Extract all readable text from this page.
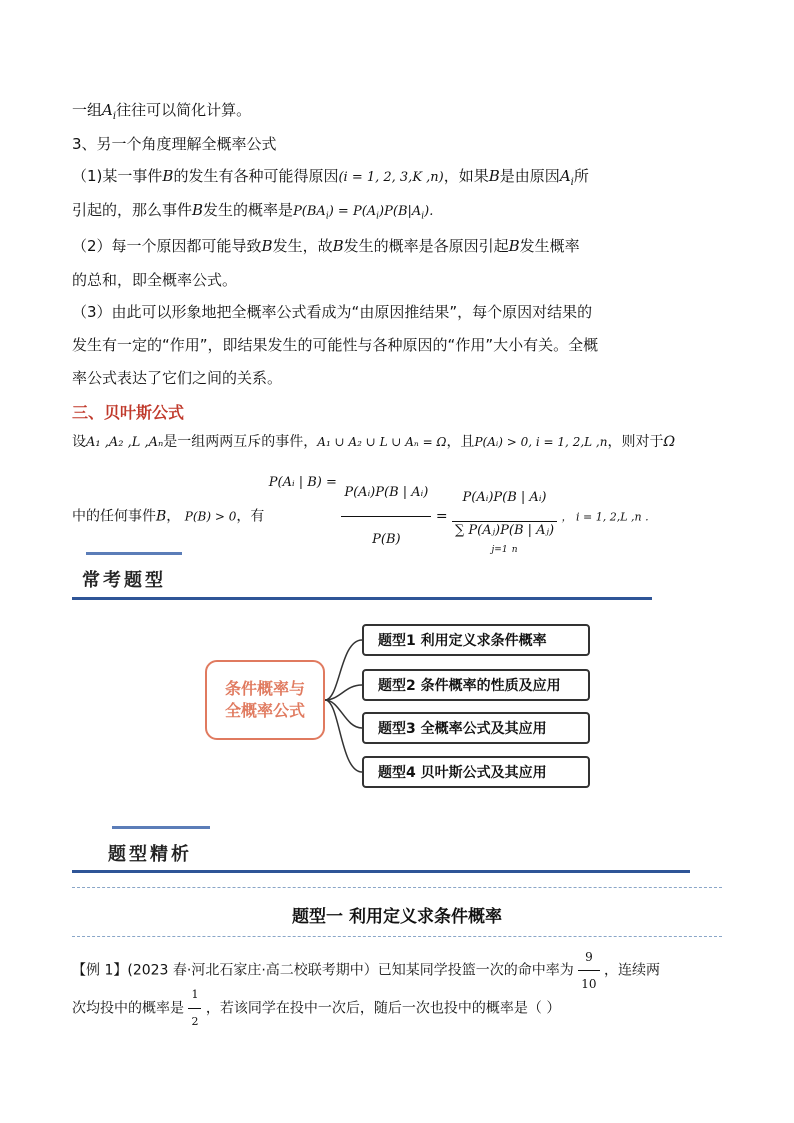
一组$A_i$往往可以简化计算。
3、另一个角度理解全概率公式
（1)某一事件B的发生有各种可能得原因(i = 1, 2, 3,K ,n)，如果B是由原因$A_i$所
引起的，那么事件B发生的概率是$P(BA_i) = P(A_i)P(B|A_i)$.
（2）每一个原因都可能导致B发生，故B发生的概率是各原因引起B发生概率
的总和，即全概率公式。
（3）由此可以形象地把全概率公式看成为“由原因推结果”，每个原因对结果的
发生有一定的“作用”，即结果发生的可能性与各种原因的“作用”大小有关。全概
率公式表达了它们之间的关系。
三、贝叶斯公式
设A₁ ,A₂ ,L ,Aₙ是一组两两互斥的事件，A₁ ∪ A₂ ∪ L ∪ Aₙ = Ω，且P(Aᵢ) > 0, i = 1, 2,L ,n，则对于Ω
中的任何事件B， P(B) > 0，有 P(Aᵢ | $B) = \frac{\text{P(Aᵢ)P(B | Aᵢ)}}{P(B)}$ =
P(Aᵢ)P(B | Aᵢ)
∑ P(Aⱼ)P(B | Aⱼ)
j=1 n
， i = 1, 2,L ,n .
常考题型
条件概率与
全概率公式
题型1 利用定义求条件概率
题型2 条件概率的性质及应用
题型3 全概率公式及其应用
题型4 贝叶斯公式及其应用
题型精析
题型一 利用定义求条件概率
【例 1】(2023 春·河北石家庄·高二校联考期中）已知某同学投篮一次的命中率为 $\frac{9}{10}$ ，连续两
次均投中的概率是 $\frac{1}{2}$ ，若该同学在投中一次后，随后一次也投中的概率是（ ）
